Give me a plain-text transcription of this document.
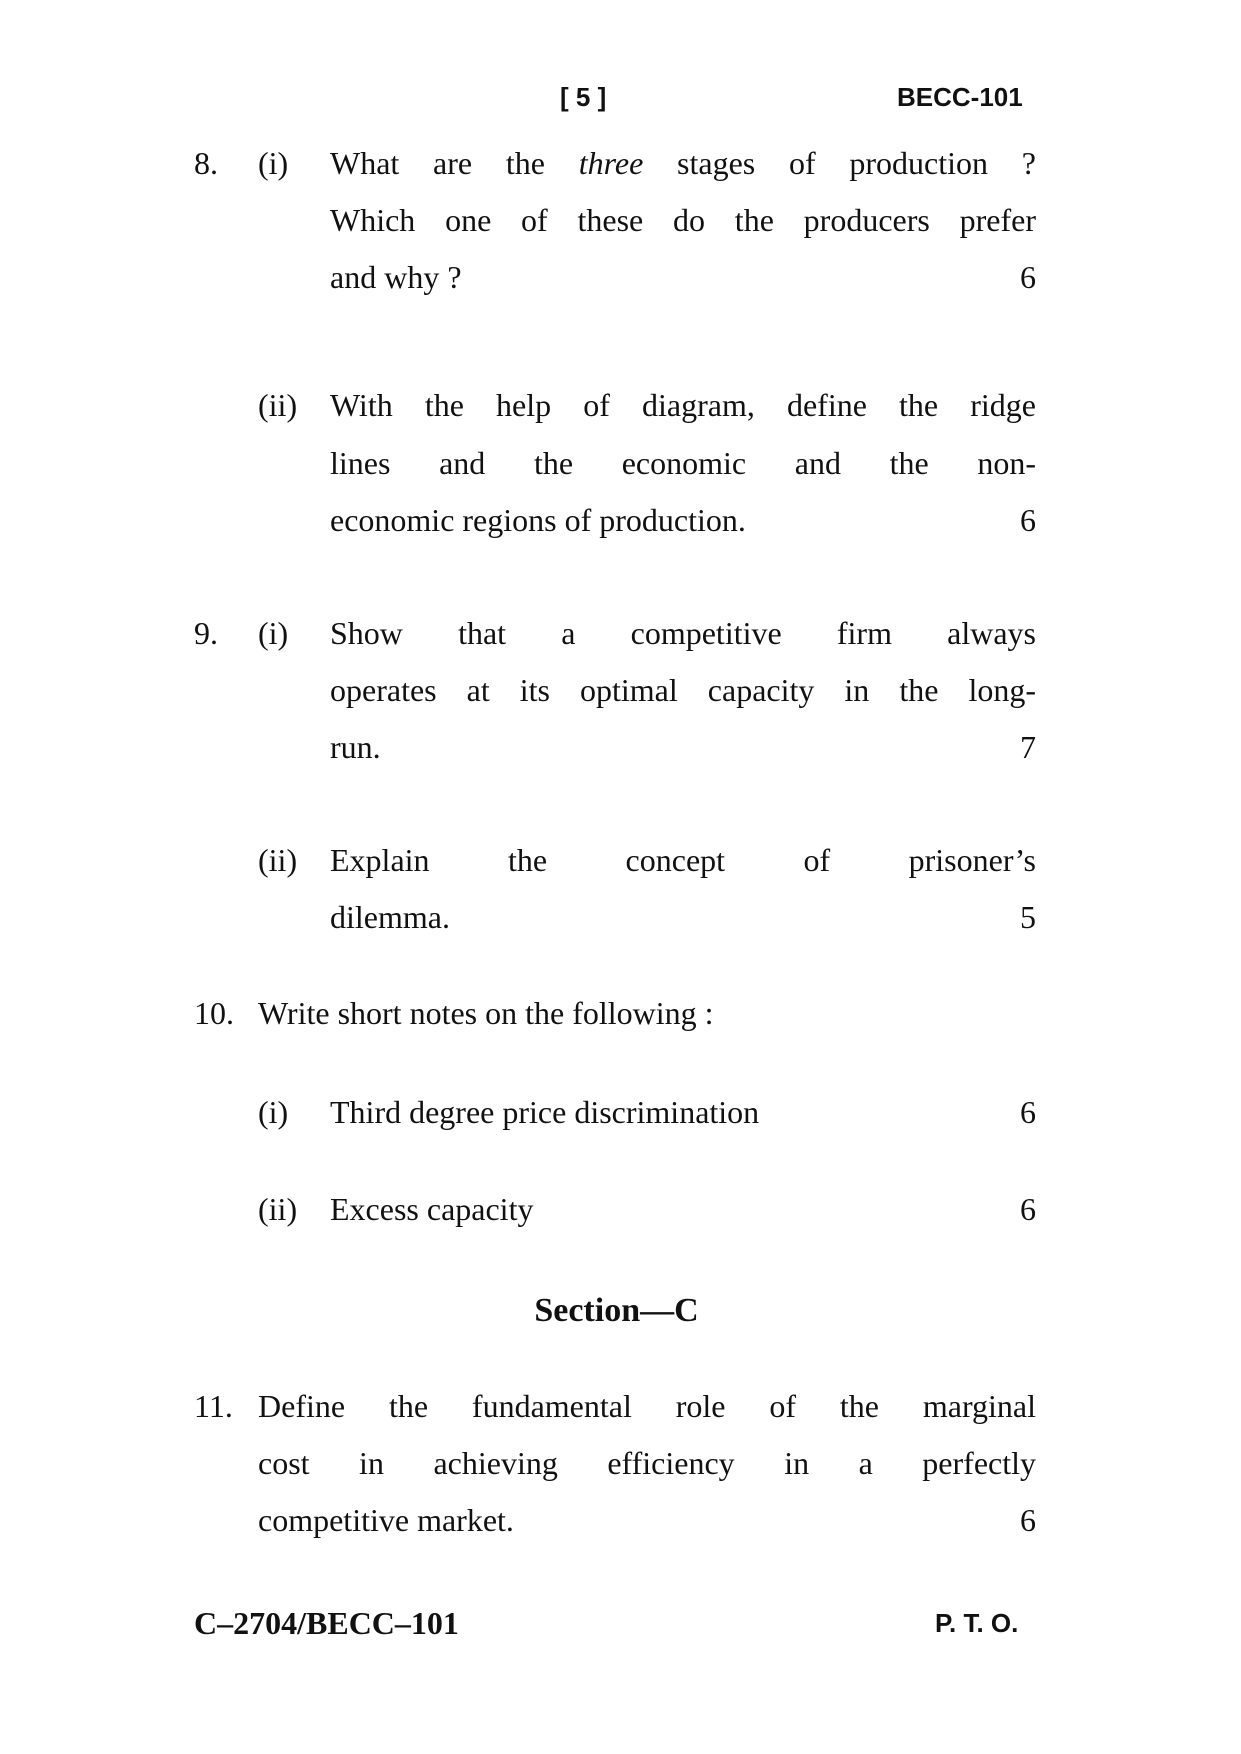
[ 5 ]	BECC-101
8. (i) What are the three stages of production ?
Which one of these do the producers prefer
and why ?	6
(ii) With the help of diagram, define the ridge
lines and the economic and the non-
economic regions of production.	6
9. (i) Show that a competitive firm always
operates at its optimal capacity in the long-
run.	7
(ii) Explain the concept of prisoner’s
dilemma.	5
10. Write short notes on the following :
(i) Third degree price discrimination	6
(ii) Excess capacity	6
Section—C
11. Define the fundamental role of the marginal
cost in achieving efficiency in a perfectly
competitive market.	6
C–2704/BECC–101	P. T. O.
